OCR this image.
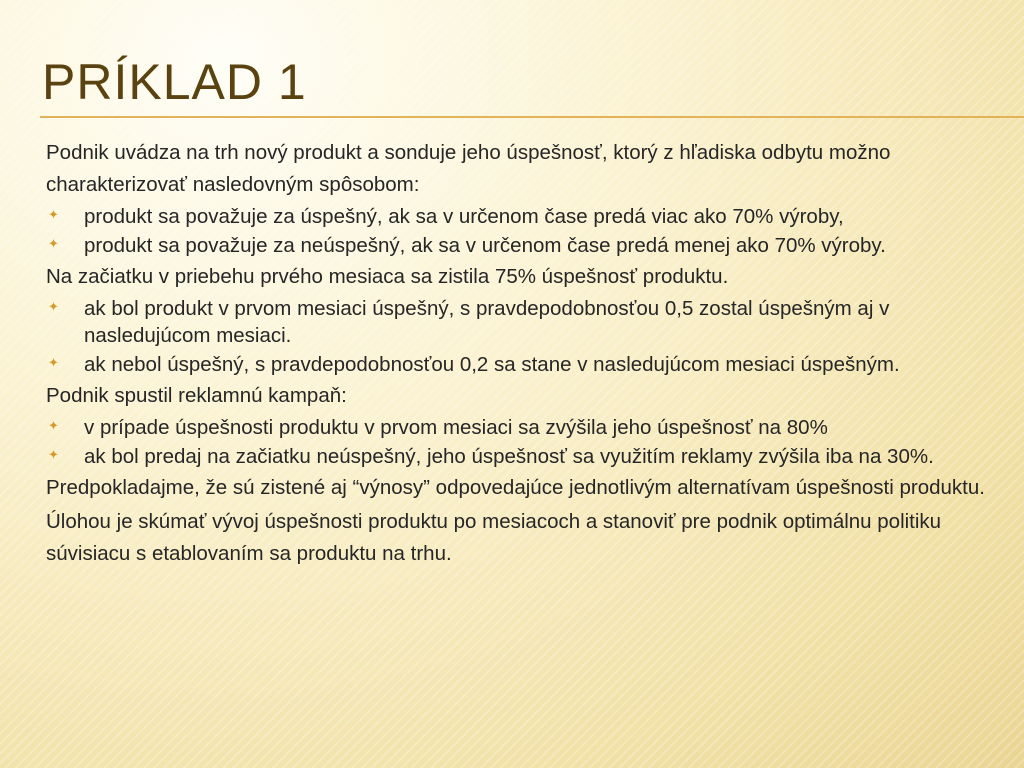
PRÍKLAD 1

Podnik uvádza na trh nový produkt a sonduje jeho úspešnosť, ktorý z hľadiska odbytu možno charakterizovať nasledovným spôsobom:

✦ produkt sa považuje za úspešný, ak sa v určenom čase predá viac ako 70% výroby,
✦ produkt sa považuje za neúspešný, ak sa v určenom čase predá menej ako 70% výroby.

Na začiatku v priebehu prvého mesiaca sa zistila 75% úspešnosť produktu.

✦ ak bol produkt v prvom mesiaci úspešný, s pravdepodobnosťou 0,5 zostal úspešným aj v nasledujúcom mesiaci.
✦ ak nebol úspešný, s pravdepodobnosťou 0,2 sa stane v nasledujúcom mesiaci úspešným.

Podnik spustil reklamnú kampaň:

✦ v prípade úspešnosti produktu v prvom mesiaci sa zvýšila jeho úspešnosť na 80%
✦ ak bol predaj na začiatku neúspešný, jeho úspešnosť sa využitím reklamy zvýšila iba na 30%.

Predpokladajme, že sú zistené aj “výnosy” odpovedajúce jednotlivým alternatívam úspešnosti produktu.

Úlohou je skúmať vývoj úspešnosti produktu po mesiacoch a stanoviť pre podnik optimálnu politiku súvisiacu s etablovaním sa produktu na trhu.
